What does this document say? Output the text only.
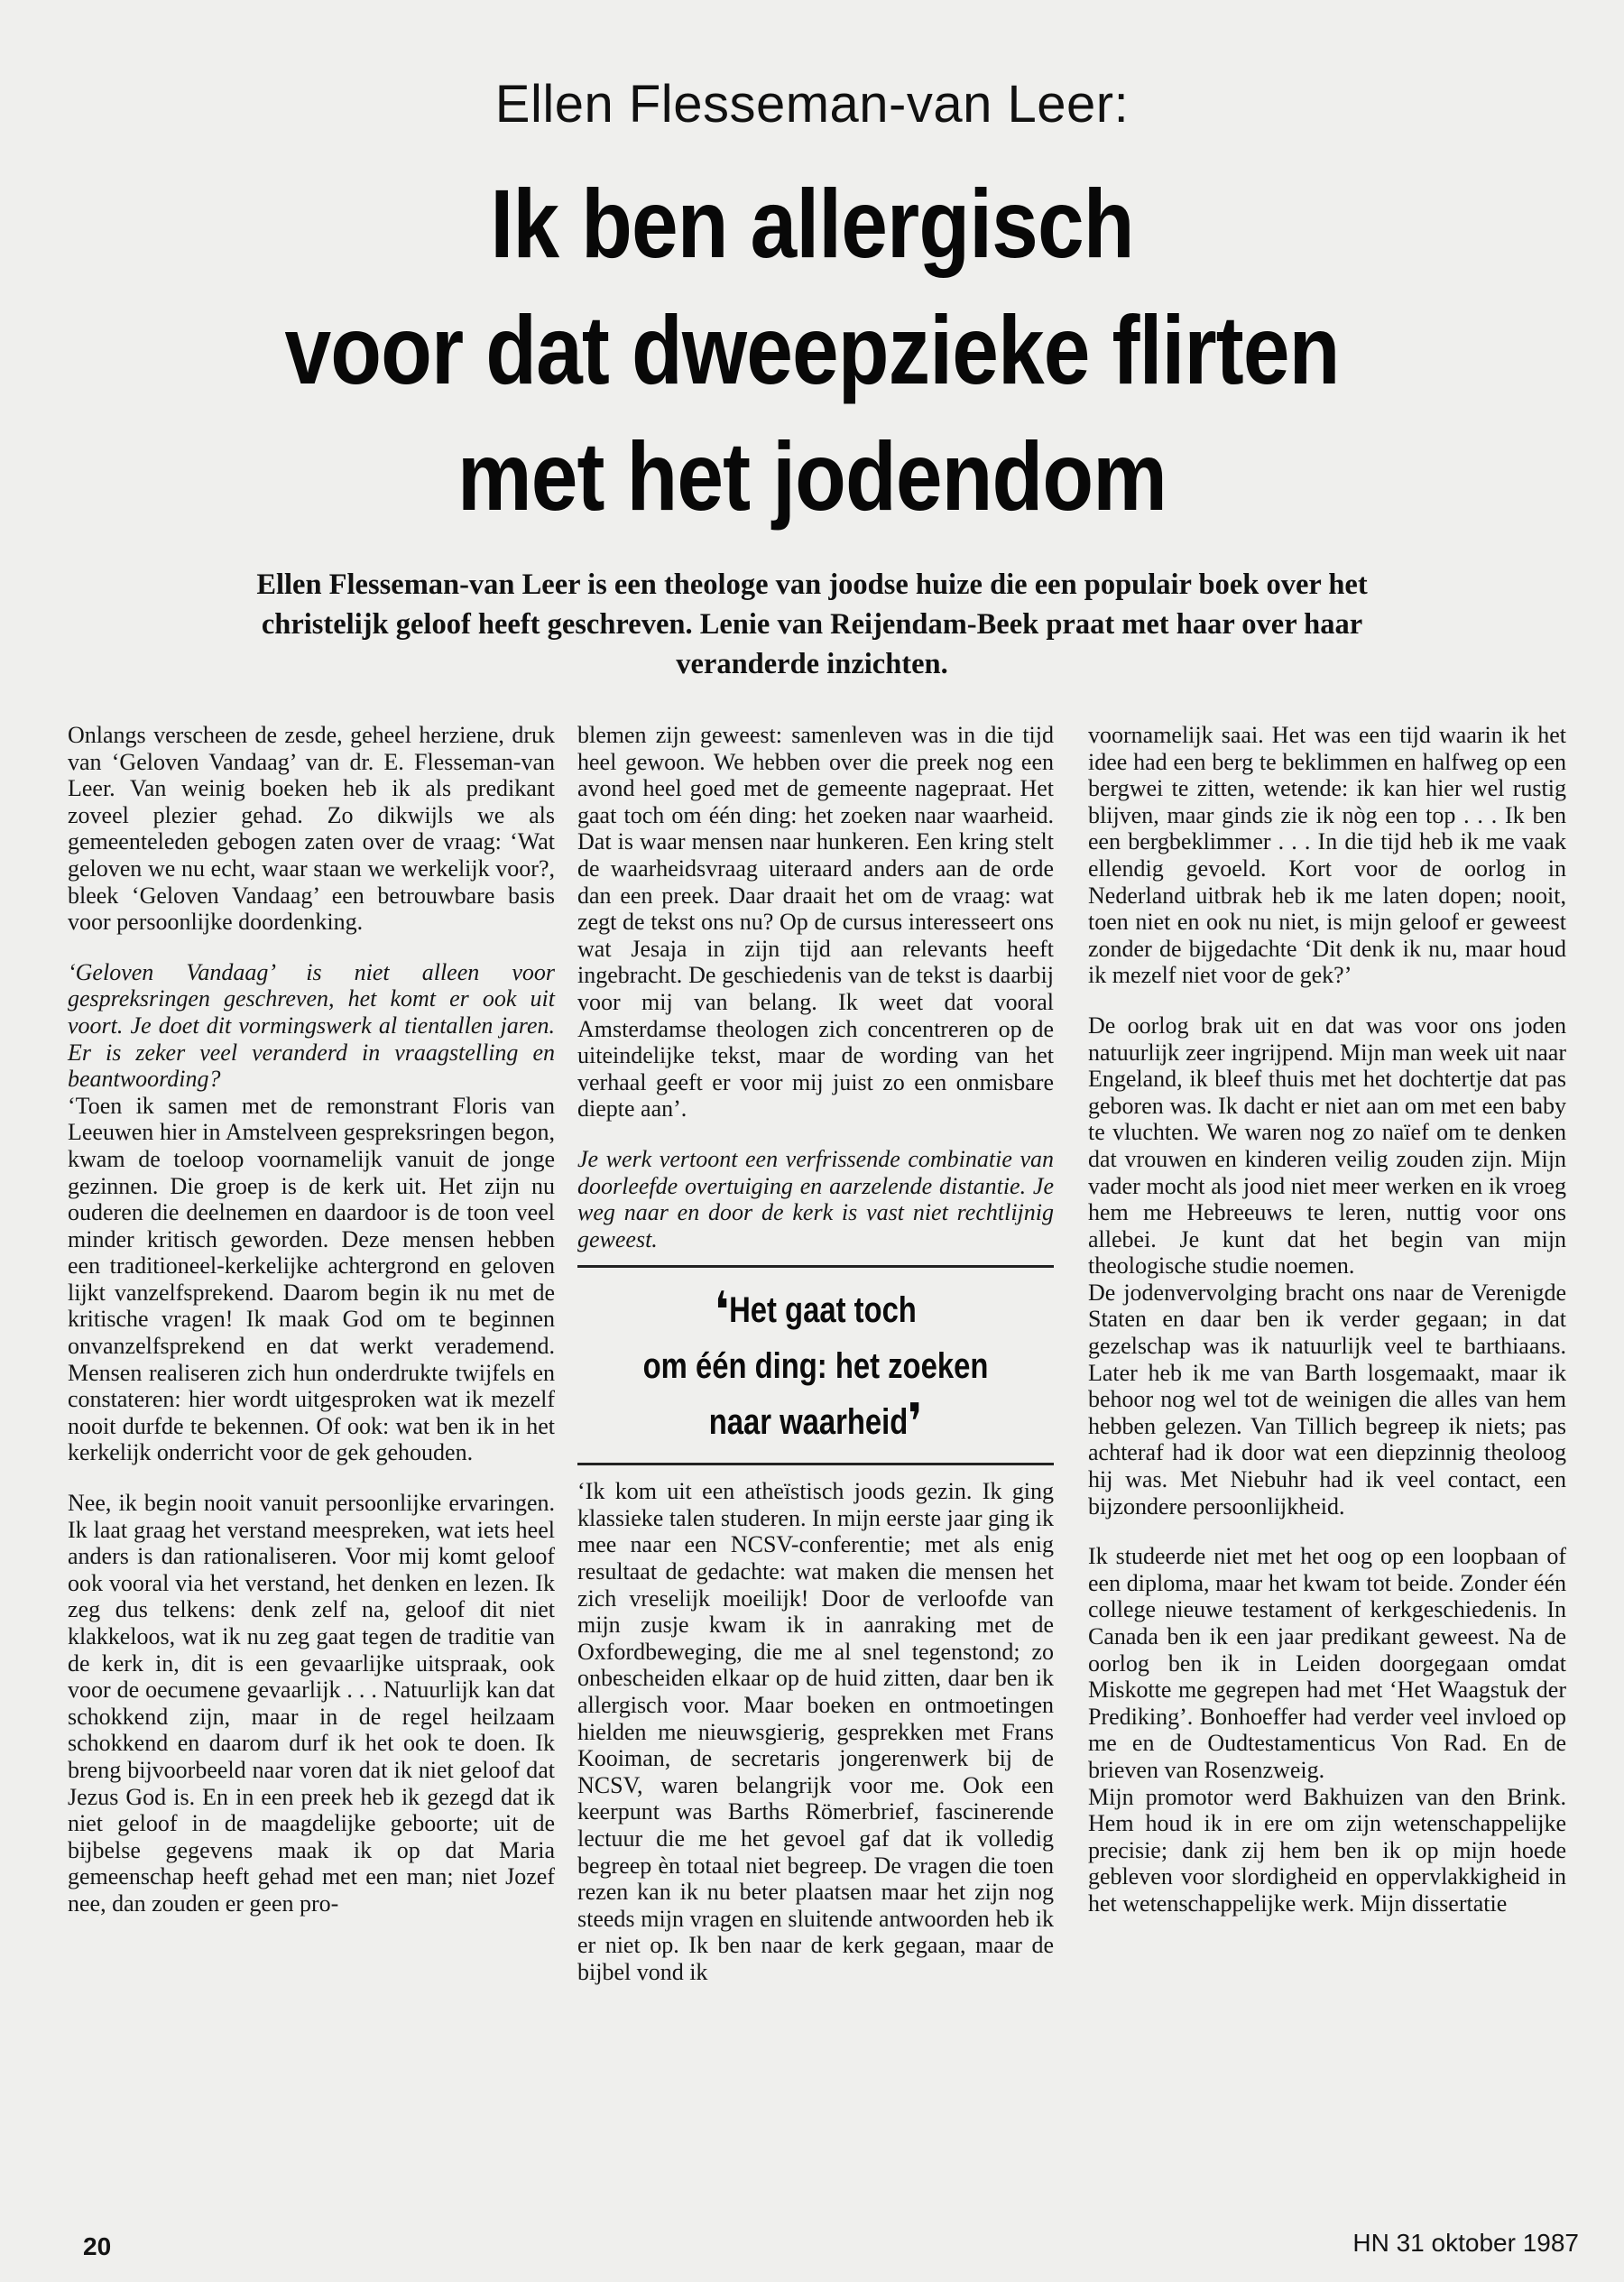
Ellen Flesseman-van Leer:
Ik ben allergisch
voor dat dweepzieke flirten
met het jodendom
Ellen Flesseman-van Leer is een theologe van joodse huize die een populair boek over het christelijk geloof heeft geschreven. Lenie van Reijendam-Beek praat met haar over haar veranderde inzichten.

Onlangs verscheen de zesde, geheel herziene, druk van ‘Geloven Vandaag’ van dr. E. Flesseman-van Leer. Van weinig boeken heb ik als predikant zoveel plezier gehad. Zo dikwijls we als gemeenteleden gebogen zaten over de vraag: ‘Wat geloven we nu echt, waar staan we werkelijk voor?, bleek ‘Geloven Vandaag’ een betrouwbare basis voor persoonlijke doordenking.

‘Geloven Vandaag’ is niet alleen voor gespreksringen geschreven, het komt er ook uit voort. Je doet dit vormingswerk al tientallen jaren. Er is zeker veel veranderd in vraagstelling en beantwoording?

‘Toen ik samen met de remonstrant Floris van Leeuwen hier in Amstelveen gespreksringen begon, kwam de toeloop voornamelijk vanuit de jonge gezinnen. Die groep is de kerk uit. Het zijn nu ouderen die deelnemen en daardoor is de toon veel minder kritisch geworden. Deze mensen hebben een traditioneel-kerkelijke achtergrond en geloven lijkt vanzelfsprekend. Daarom begin ik nu met de kritische vragen! Ik maak God om te beginnen onvanzelfsprekend en dat werkt verademend. Mensen realiseren zich hun onderdrukte twijfels en constateren: hier wordt uitgesproken wat ik mezelf nooit durfde te bekennen. Of ook: wat ben ik in het kerkelijk onderricht voor de gek gehouden.

Nee, ik begin nooit vanuit persoonlijke ervaringen. Ik laat graag het verstand meespreken, wat iets heel anders is dan rationaliseren. Voor mij komt geloof ook vooral via het verstand, het denken en lezen. Ik zeg dus telkens: denk zelf na, geloof dit niet klakkeloos, wat ik nu zeg gaat tegen de traditie van de kerk in, dit is een gevaarlijke uitspraak, ook voor de oecumene gevaarlijk . . . Natuurlijk kan dat schokkend zijn, maar in de regel heilzaam schokkend en daarom durf ik het ook te doen. Ik breng bijvoorbeeld naar voren dat ik niet geloof dat Jezus God is. En in een preek heb ik gezegd dat ik niet geloof in de maagdelijke geboorte; uit de bijbelse gegevens maak ik op dat Maria gemeenschap heeft gehad met een man; niet Jozef nee, dan zouden er geen pro-

blemen zijn geweest: samenleven was in die tijd heel gewoon. We hebben over die preek nog een avond heel goed met de gemeente nagepraat. Het gaat toch om één ding: het zoeken naar waarheid. Dat is waar mensen naar hunkeren. Een kring stelt de waarheidsvraag uiteraard anders aan de orde dan een preek. Daar draait het om de vraag: wat zegt de tekst ons nu? Op de cursus interesseert ons wat Jesaja in zijn tijd aan relevants heeft ingebracht. De geschiedenis van de tekst is daarbij voor mij van belang. Ik weet dat vooral Amsterdamse theologen zich concentreren op de uiteindelijke tekst, maar de wording van het verhaal geeft er voor mij juist zo een onmisbare diepte aan’.

Je werk vertoont een verfrissende combinatie van doorleefde overtuiging en aarzelende distantie. Je weg naar en door de kerk is vast niet rechtlijnig geweest.

❛Het gaat toch
om één ding: het zoeken
naar waarheid❜

‘Ik kom uit een atheïstisch joods gezin. Ik ging klassieke talen studeren. In mijn eerste jaar ging ik mee naar een NCSV-conferentie; met als enig resultaat de gedachte: wat maken die mensen het zich vreselijk moeilijk! Door de verloofde van mijn zusje kwam ik in aanraking met de Oxfordbeweging, die me al snel tegenstond; zo onbescheiden elkaar op de huid zitten, daar ben ik allergisch voor. Maar boeken en ontmoetingen hielden me nieuwsgierig, gesprekken met Frans Kooiman, de secretaris jongerenwerk bij de NCSV, waren belangrijk voor me. Ook een keerpunt was Barths Römerbrief, fascinerende lectuur die me het gevoel gaf dat ik volledig begreep èn totaal niet begreep. De vragen die toen rezen kan ik nu beter plaatsen maar het zijn nog steeds mijn vragen en sluitende antwoorden heb ik er niet op. Ik ben naar de kerk gegaan, maar de bijbel vond ik

voornamelijk saai. Het was een tijd waarin ik het idee had een berg te beklimmen en halfweg op een bergwei te zitten, wetende: ik kan hier wel rustig blijven, maar ginds zie ik nòg een top . . . Ik ben een bergbeklimmer . . . In die tijd heb ik me vaak ellendig gevoeld. Kort voor de oorlog in Nederland uitbrak heb ik me laten dopen; nooit, toen niet en ook nu niet, is mijn geloof er geweest zonder de bijgedachte ‘Dit denk ik nu, maar houd ik mezelf niet voor de gek?’

De oorlog brak uit en dat was voor ons joden natuurlijk zeer ingrijpend. Mijn man week uit naar Engeland, ik bleef thuis met het dochtertje dat pas geboren was. Ik dacht er niet aan om met een baby te vluchten. We waren nog zo naïef om te denken dat vrouwen en kinderen veilig zouden zijn. Mijn vader mocht als jood niet meer werken en ik vroeg hem me Hebreeuws te leren, nuttig voor ons allebei. Je kunt dat het begin van mijn theologische studie noemen.

De jodenvervolging bracht ons naar de Verenigde Staten en daar ben ik verder gegaan; in dat gezelschap was ik natuurlijk veel te barthiaans. Later heb ik me van Barth losgemaakt, maar ik behoor nog wel tot de weinigen die alles van hem hebben gelezen. Van Tillich begreep ik niets; pas achteraf had ik door wat een diepzinnig theoloog hij was. Met Niebuhr had ik veel contact, een bijzondere persoonlijkheid.

Ik studeerde niet met het oog op een loopbaan of een diploma, maar het kwam tot beide. Zonder één college nieuwe testament of kerkgeschiedenis. In Canada ben ik een jaar predikant geweest. Na de oorlog ben ik in Leiden doorgegaan omdat Miskotte me gegrepen had met ‘Het Waagstuk der Prediking’. Bonhoeffer had verder veel invloed op me en de Oudtestamenticus Von Rad. En de brieven van Rosenzweig.

Mijn promotor werd Bakhuizen van den Brink. Hem houd ik in ere om zijn wetenschappelijke precisie; dank zij hem ben ik op mijn hoede gebleven voor slordigheid en oppervlakkigheid in het wetenschappelijke werk. Mijn dissertatie

20	HN 31 oktober 1987
